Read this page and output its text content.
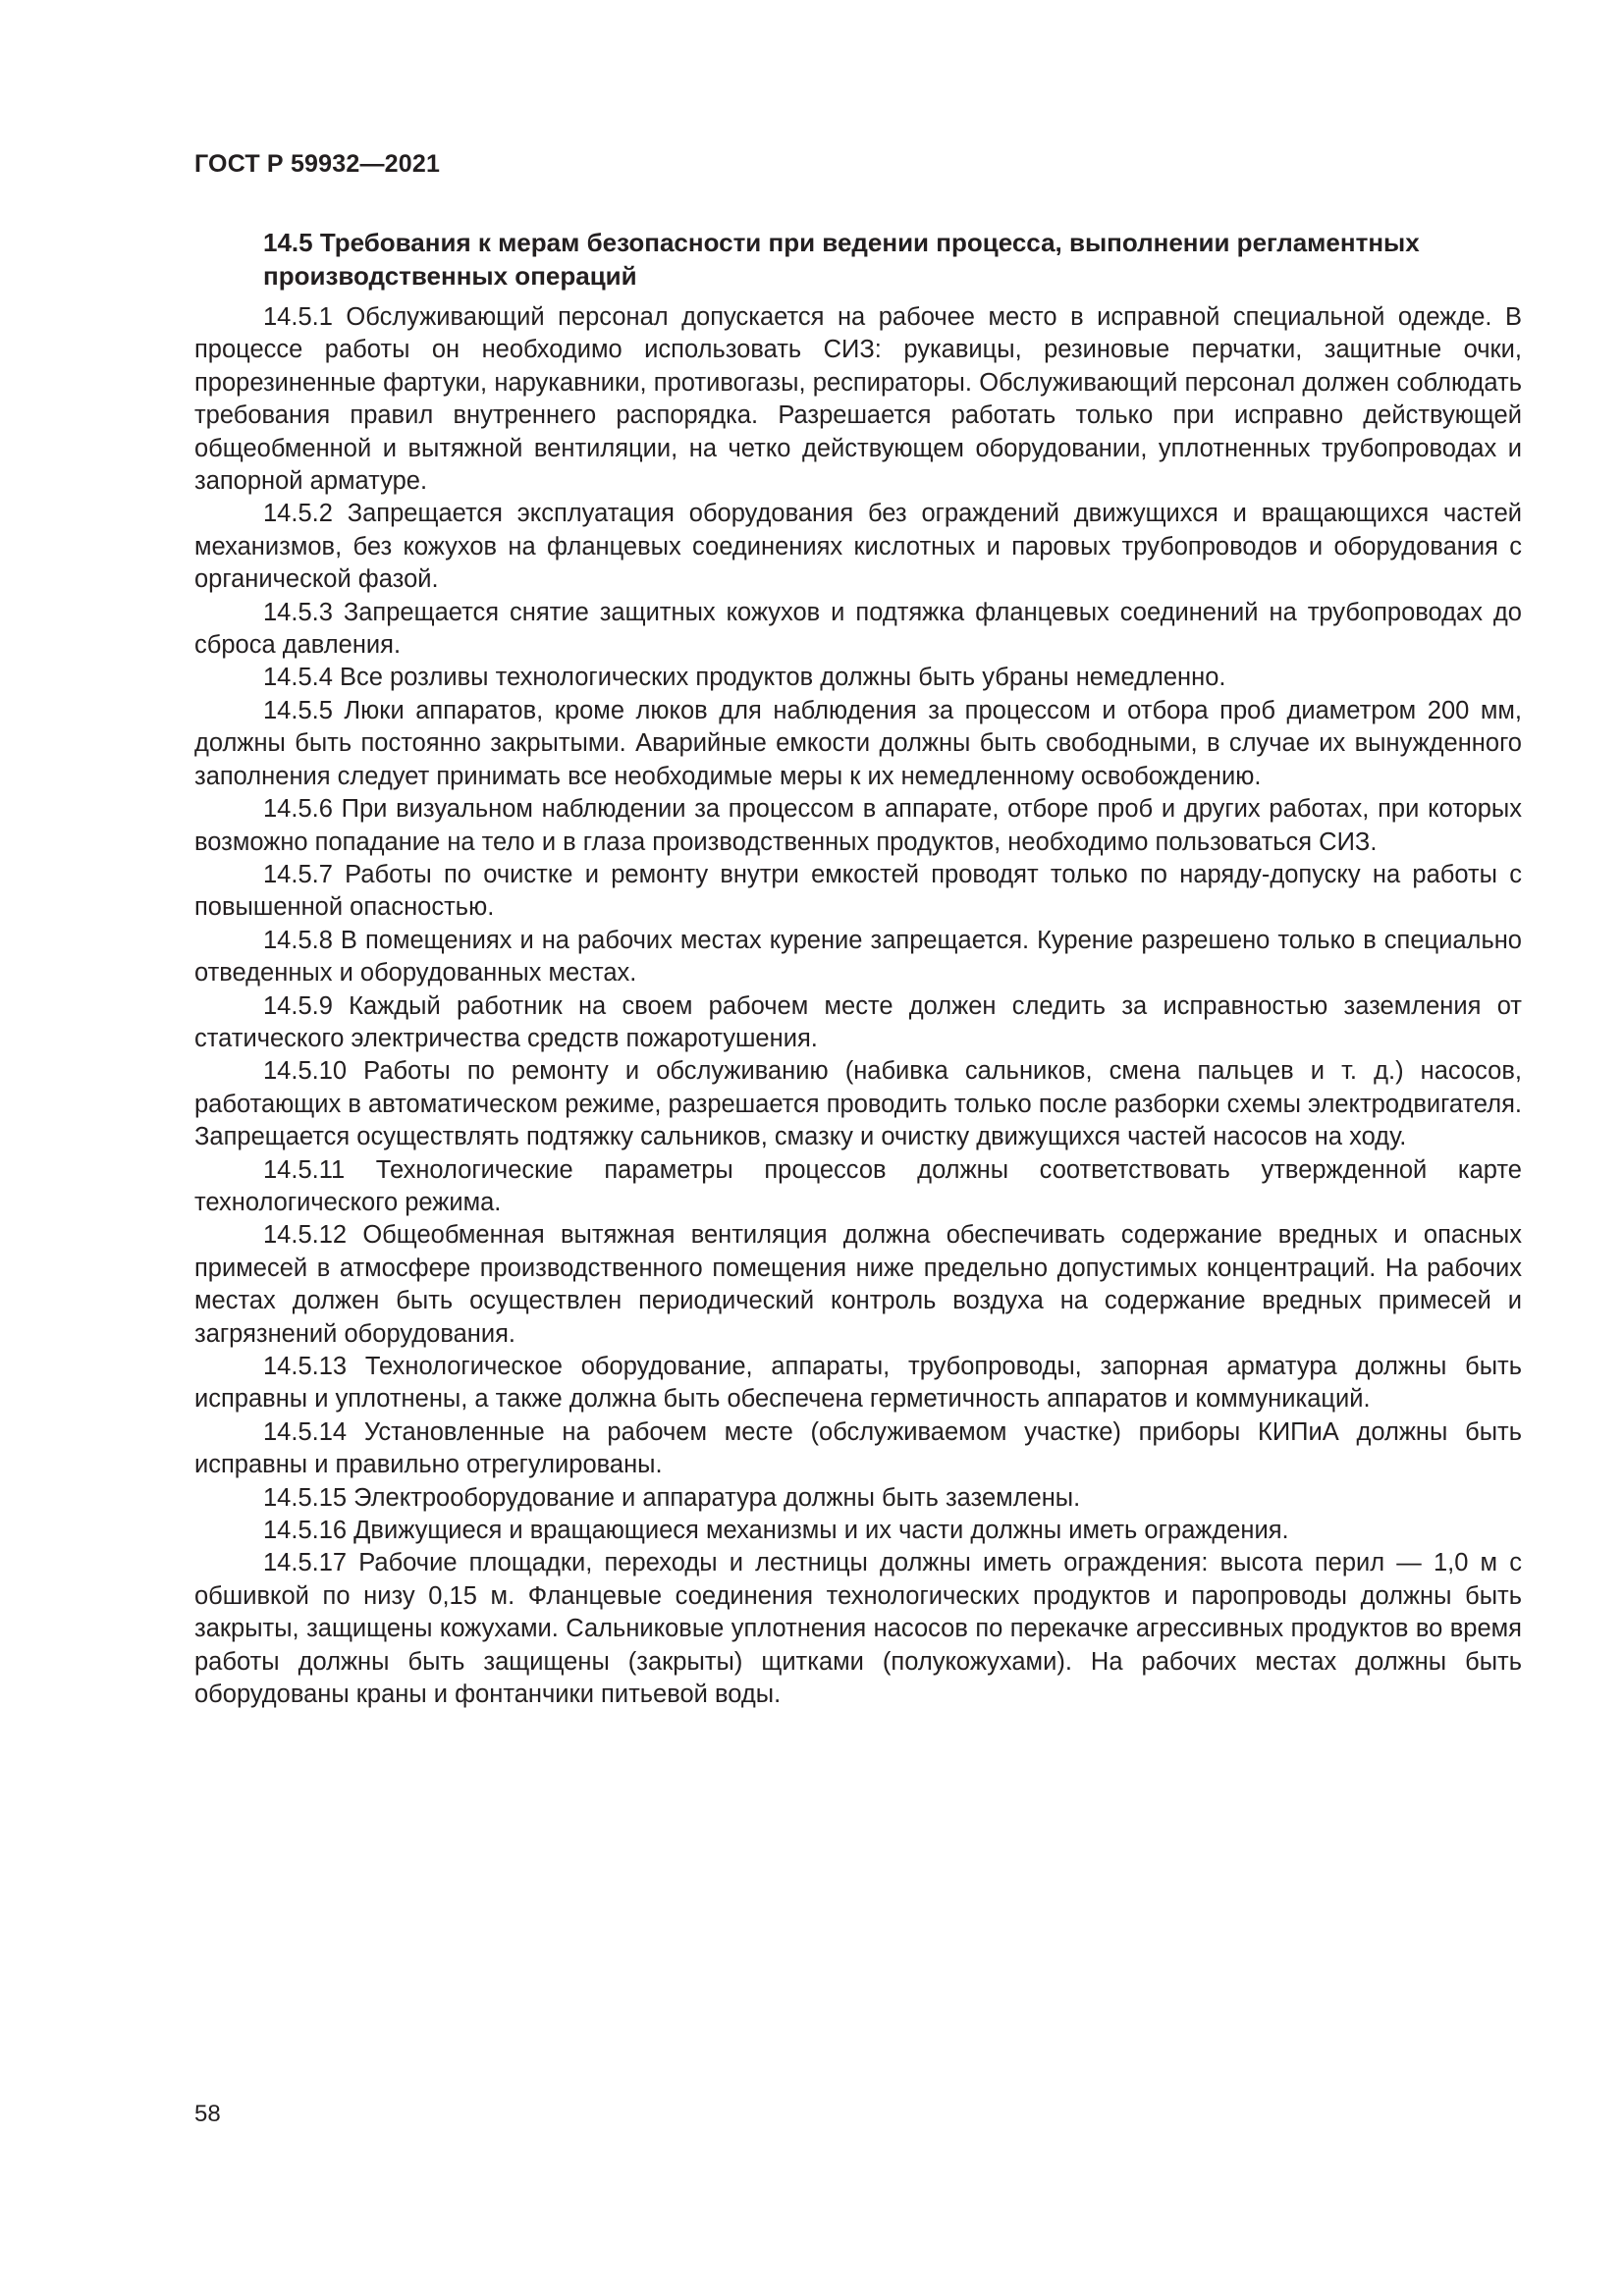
ГОСТ Р 59932—2021
14.5 Требования к мерам безопасности при ведении процесса, выполнении регламентных производственных операций

14.5.1 Обслуживающий персонал допускается на рабочее место в исправной специальной одежде. В процессе работы он необходимо использовать СИЗ: рукавицы, резиновые перчатки, защитные очки, прорезиненные фартуки, нарукавники, противогазы, респираторы. Обслуживающий персонал должен соблюдать требования правил внутреннего распорядка. Разрешается работать только при исправно действующей общеобменной и вытяжной вентиляции, на четко действующем оборудовании, уплотненных трубопроводах и запорной арматуре.

14.5.2 Запрещается эксплуатация оборудования без ограждений движущихся и вращающихся частей механизмов, без кожухов на фланцевых соединениях кислотных и паровых трубопроводов и оборудования с органической фазой.

14.5.3 Запрещается снятие защитных кожухов и подтяжка фланцевых соединений на трубопроводах до сброса давления.

14.5.4 Все розливы технологических продуктов должны быть убраны немедленно.

14.5.5 Люки аппаратов, кроме люков для наблюдения за процессом и отбора проб диаметром 200 мм, должны быть постоянно закрытыми. Аварийные емкости должны быть свободными, в случае их вынужденного заполнения следует принимать все необходимые меры к их немедленному освобождению.

14.5.6 При визуальном наблюдении за процессом в аппарате, отборе проб и других работах, при которых возможно попадание на тело и в глаза производственных продуктов, необходимо пользоваться СИЗ.

14.5.7 Работы по очистке и ремонту внутри емкостей проводят только по наряду-допуску на работы с повышенной опасностью.

14.5.8 В помещениях и на рабочих местах курение запрещается. Курение разрешено только в специально отведенных и оборудованных местах.

14.5.9 Каждый работник на своем рабочем месте должен следить за исправностью заземления от статического электричества средств пожаротушения.

14.5.10 Работы по ремонту и обслуживанию (набивка сальников, смена пальцев и т. д.) насосов, работающих в автоматическом режиме, разрешается проводить только после разборки схемы электродвигателя. Запрещается осуществлять подтяжку сальников, смазку и очистку движущихся частей насосов на ходу.

14.5.11 Технологические параметры процессов должны соответствовать утвержденной карте технологического режима.

14.5.12 Общеобменная вытяжная вентиляция должна обеспечивать содержание вредных и опасных примесей в атмосфере производственного помещения ниже предельно допустимых концентраций. На рабочих местах должен быть осуществлен периодический контроль воздуха на содержание вредных примесей и загрязнений оборудования.

14.5.13 Технологическое оборудование, аппараты, трубопроводы, запорная арматура должны быть исправны и уплотнены, а также должна быть обеспечена герметичность аппаратов и коммуникаций.

14.5.14 Установленные на рабочем месте (обслуживаемом участке) приборы КИПиА должны быть исправны и правильно отрегулированы.

14.5.15 Электрооборудование и аппаратура должны быть заземлены.

14.5.16 Движущиеся и вращающиеся механизмы и их части должны иметь ограждения.

14.5.17 Рабочие площадки, переходы и лестницы должны иметь ограждения: высота перил — 1,0 м с обшивкой по низу 0,15 м. Фланцевые соединения технологических продуктов и паропроводы должны быть закрыты, защищены кожухами. Сальниковые уплотнения насосов по перекачке агрессивных продуктов во время работы должны быть защищены (закрыты) щитками (полукожухами). На рабочих местах должны быть оборудованы краны и фонтанчики питьевой воды.

58
